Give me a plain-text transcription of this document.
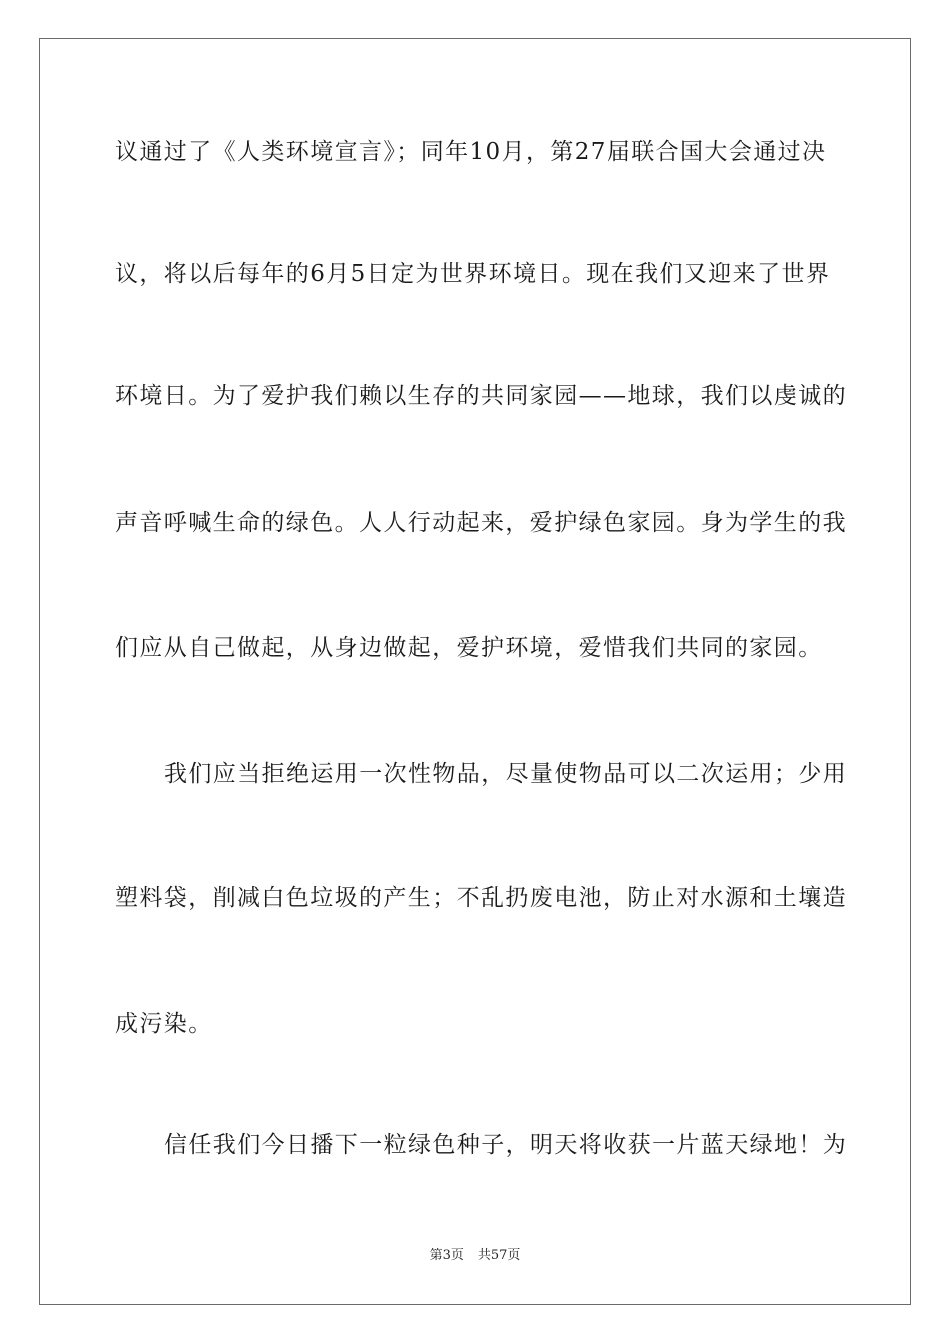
议通过了《人类环境宣言》；同年10月，第27届联合国大会通过决
议，将以后每年的6月5日定为世界环境日。现在我们又迎来了世界
环境日。为了爱护我们赖以生存的共同家园——地球，我们以虔诚的
声音呼喊生命的绿色。人人行动起来，爱护绿色家园。身为学生的我
们应从自己做起，从身边做起，爱护环境，爱惜我们共同的家园。
我们应当拒绝运用一次性物品，尽量使物品可以二次运用；少用
塑料袋，削减白色垃圾的产生；不乱扔废电池，防止对水源和土壤造
成污染。
信任我们今日播下一粒绿色种子，明天将收获一片蓝天绿地！为
第3页 共57页
